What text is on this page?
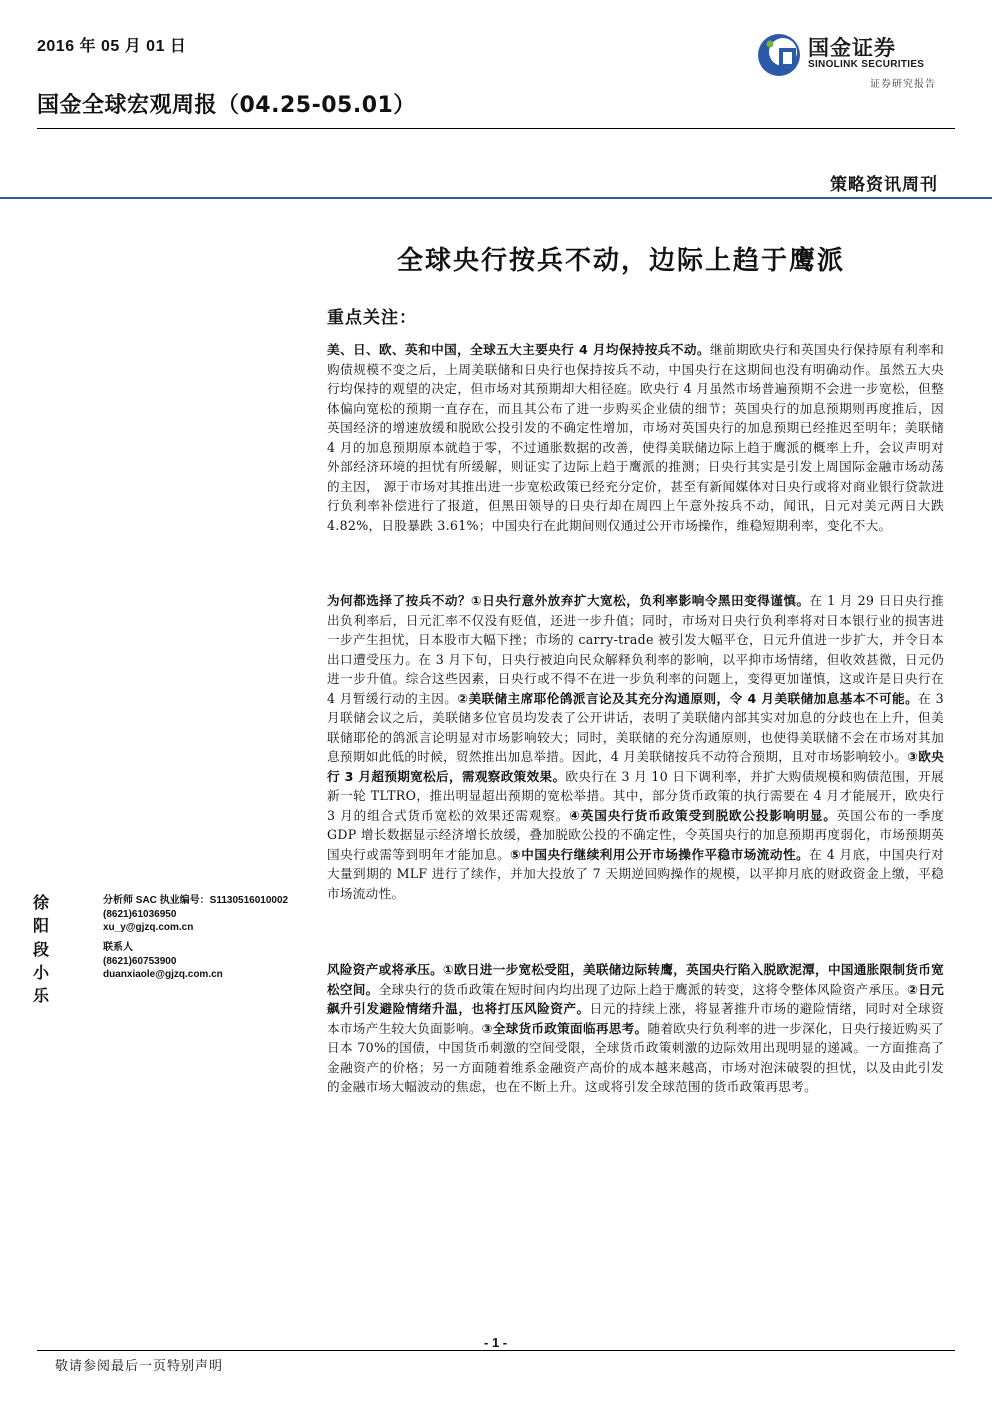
2016 年 05 月 01 日	国金证券
SINOLINK SECURITIES
证券研究报告
国金全球宏观周报（04.25-05.01）
策略资讯周刊
全球央行按兵不动，边际上趋于鹰派
重点关注：
美、日、欧、英和中国，全球五大主要央行 4 月均保持按兵不动。继前期欧央行和英国央行保持原有利率和购债规模不变之后，上周美联储和日央行也保持按兵不动，中国央行在这期间也没有明确动作。虽然五大央行均保持的观望的决定，但市场对其预期却大相径庭。欧央行 4 月虽然市场普遍预期不会进一步宽松，但整体偏向宽松的预期一直存在，而且其公布了进一步购买企业债的细节；英国央行的加息预期则再度推后，因英国经济的增速放缓和脱欧公投引发的不确定性增加，市场对英国央行的加息预期已经推迟至明年；美联储 4 月的加息预期原本就趋于零，不过通胀数据的改善，使得美联储边际上趋于鹰派的概率上升，会议声明对外部经济环境的担忧有所缓解，则证实了边际上趋于鹰派的推测；日央行其实是引发上周国际金融市场动荡的主因， 源于市场对其推出进一步宽松政策已经充分定价，甚至有新闻媒体对日央行或将对商业银行贷款进行负利率补偿进行了报道，但黑田领导的日央行却在周四上午意外按兵不动，闻讯，日元对美元两日大跌 4.82%，日股暴跌 3.61%；中国央行在此期间则仅通过公开市场操作，维稳短期利率，变化不大。
为何都选择了按兵不动？①日央行意外放弃扩大宽松，负利率影响令黑田变得谨慎。在 1 月 29 日日央行推出负利率后，日元汇率不仅没有贬值，还进一步升值；同时，市场对日央行负利率将对日本银行业的损害进一步产生担忧，日本股市大幅下挫；市场的 carry-trade 被引发大幅平仓，日元升值进一步扩大，并令日本出口遭受压力。在 3 月下旬，日央行被迫向民众解释负利率的影响，以平抑市场情绪，但收效甚微，日元仍进一步升值。综合这些因素，日央行或不得不在进一步负利率的问题上，变得更加谨慎，这或许是日央行在 4 月暂缓行动的主因。②美联储主席耶伦鸽派言论及其充分沟通原则，令 4 月美联储加息基本不可能。在 3 月联储会议之后，美联储多位官员均发表了公开讲话，表明了美联储内部其实对加息的分歧也在上升，但美联储耶伦的鸽派言论明显对市场影响较大；同时，美联储的充分沟通原则，也使得美联储不会在市场对其加息预期如此低的时候，贸然推出加息举措。因此，4 月美联储按兵不动符合预期，且对市场影响较小。③欧央行 3 月超预期宽松后，需观察政策效果。欧央行在 3 月 10 日下调利率，并扩大购债规模和购债范围，开展新一轮 TLTRO，推出明显超出预期的宽松举措。其中，部分货币政策的执行需要在 4 月才能展开，欧央行 3 月的组合式货币宽松的效果还需观察。④英国央行货币政策受到脱欧公投影响明显。英国公布的一季度 GDP 增长数据显示经济增长放缓，叠加脱欧公投的不确定性，令英国央行的加息预期再度弱化，市场预期英国央行或需等到明年才能加息。⑤中国央行继续利用公开市场操作平稳市场流动性。在 4 月底，中国央行对大量到期的 MLF 进行了续作，并加大投放了 7 天期逆回购操作的规模，以平抑月底的财政资金上缴，平稳市场流动性。
风险资产或将承压。①欧日进一步宽松受阻，美联储边际转鹰，英国央行陷入脱欧泥潭，中国通胀限制货币宽松空间。全球央行的货币政策在短时间内均出现了边际上趋于鹰派的转变，这将令整体风险资产承压。②日元飙升引发避险情绪升温，也将打压风险资产。日元的持续上涨，将显著推升市场的避险情绪，同时对全球资本市场产生较大负面影响。③全球货币政策面临再思考。随着欧央行负利率的进一步深化，日央行接近购买了日本 70%的国债，中国货币刺激的空间受限，全球货币政策刺激的边际效用出现明显的递减。一方面推高了金融资产的价格；另一方面随着维系金融资产高价的成本越来越高，市场对泡沫破裂的担忧，以及由此引发的金融市场大幅波动的焦虑，也在不断上升。这或将引发全球范围的货币政策再思考。
徐阳
分析师 SAC 执业编号：S1130516010002
(8621)61036950
xu_y@gjzq.com.cn
段小乐
联系人
(8621)60753900
duanxiaole@gjzq.com.cn
- 1 -
敬请参阅最后一页特别声明
